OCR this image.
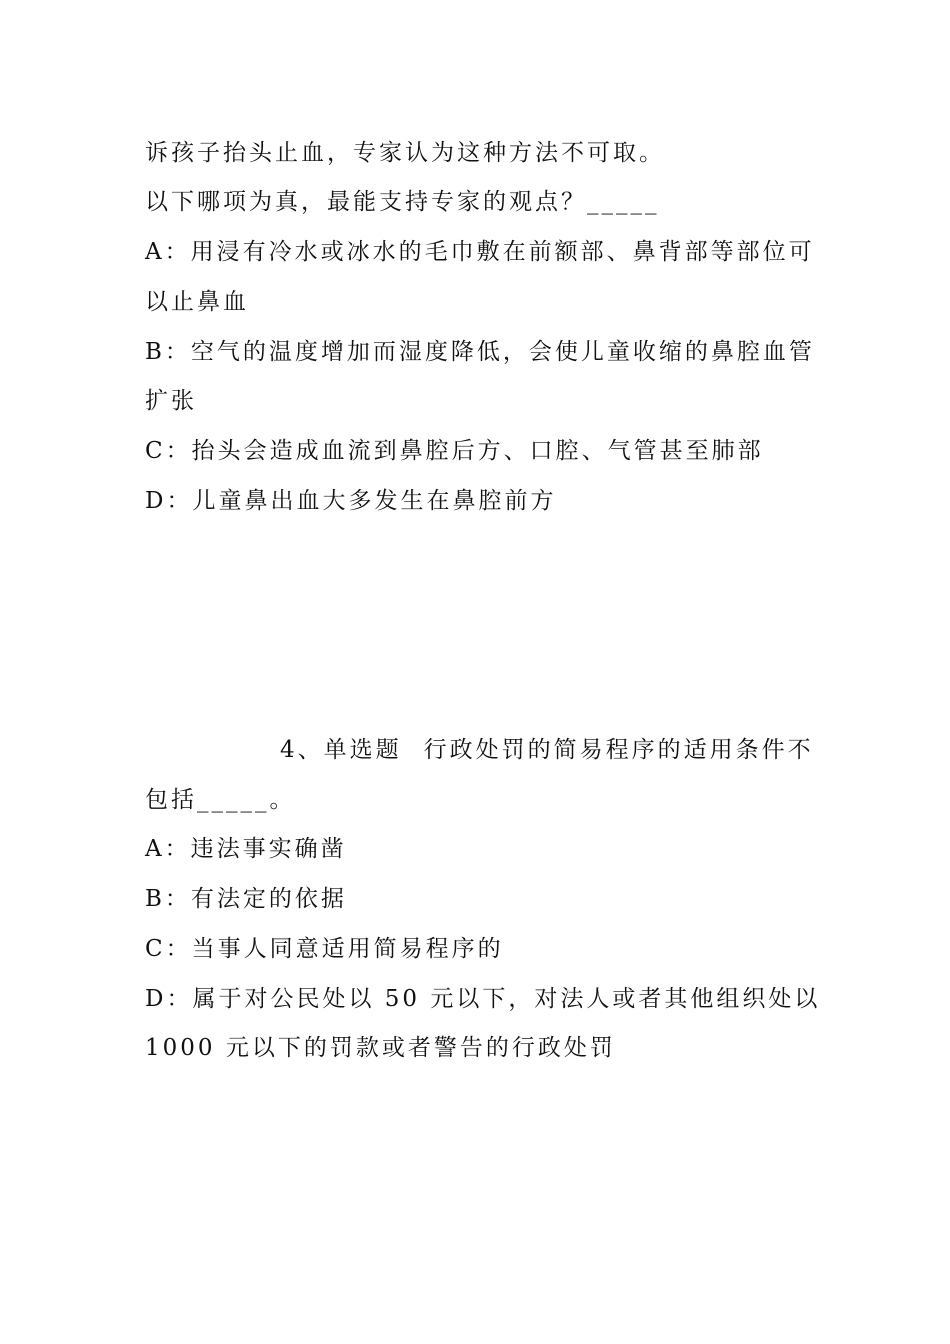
诉孩子抬头止血，专家认为这种方法不可取。
以下哪项为真，最能支持专家的观点？_____
A：用浸有冷水或冰水的毛巾敷在前额部、鼻背部等部位可
以止鼻血
B：空气的温度增加而湿度降低，会使儿童收缩的鼻腔血管
扩张
C：抬头会造成血流到鼻腔后方、口腔、气管甚至肺部
D：儿童鼻出血大多发生在鼻腔前方
4、单选题 行政处罚的简易程序的适用条件不
包括_____。
A：违法事实确凿
B：有法定的依据
C：当事人同意适用简易程序的
D：属于对公民处以 50 元以下，对法人或者其他组织处以
1000 元以下的罚款或者警告的行政处罚
